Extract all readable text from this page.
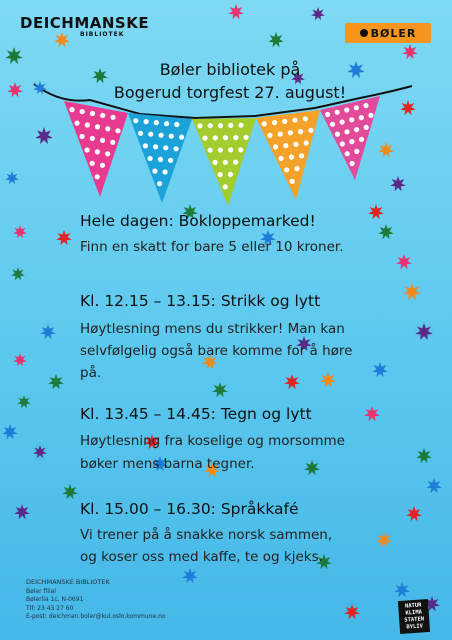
DEICHMANSKE
BIBLIOTEK	BØLER
Bøler bibliotek på
Bogerud torgfest 27. august!
Hele dagen: Bokloppemarked!
Finn en skatt for bare 5 eller 10 kroner.
Kl. 12.15 – 13.15: Strikk og lytt
Høytlesning mens du strikker! Man kan
selvfølgelig også bare komme for å høre
på.
Kl. 13.45 – 14.45: Tegn og lytt
Høytlesning fra koselige og morsomme
bøker mens barna tegner.
Kl. 15.00 – 16.30: Språkkafé
Vi trener på å snakke norsk sammen,
og koser oss med kaffe, te og kjeks.
DEICHMANSKE BIBLIOTEK
Bøler filial
Bølerlia 1c, N-0691
Tlf: 23 43 27 60
E-post: deichman.boler@kul.oslo.kommune.no
NATUR
KLIMA
STATEN
BYLIV
